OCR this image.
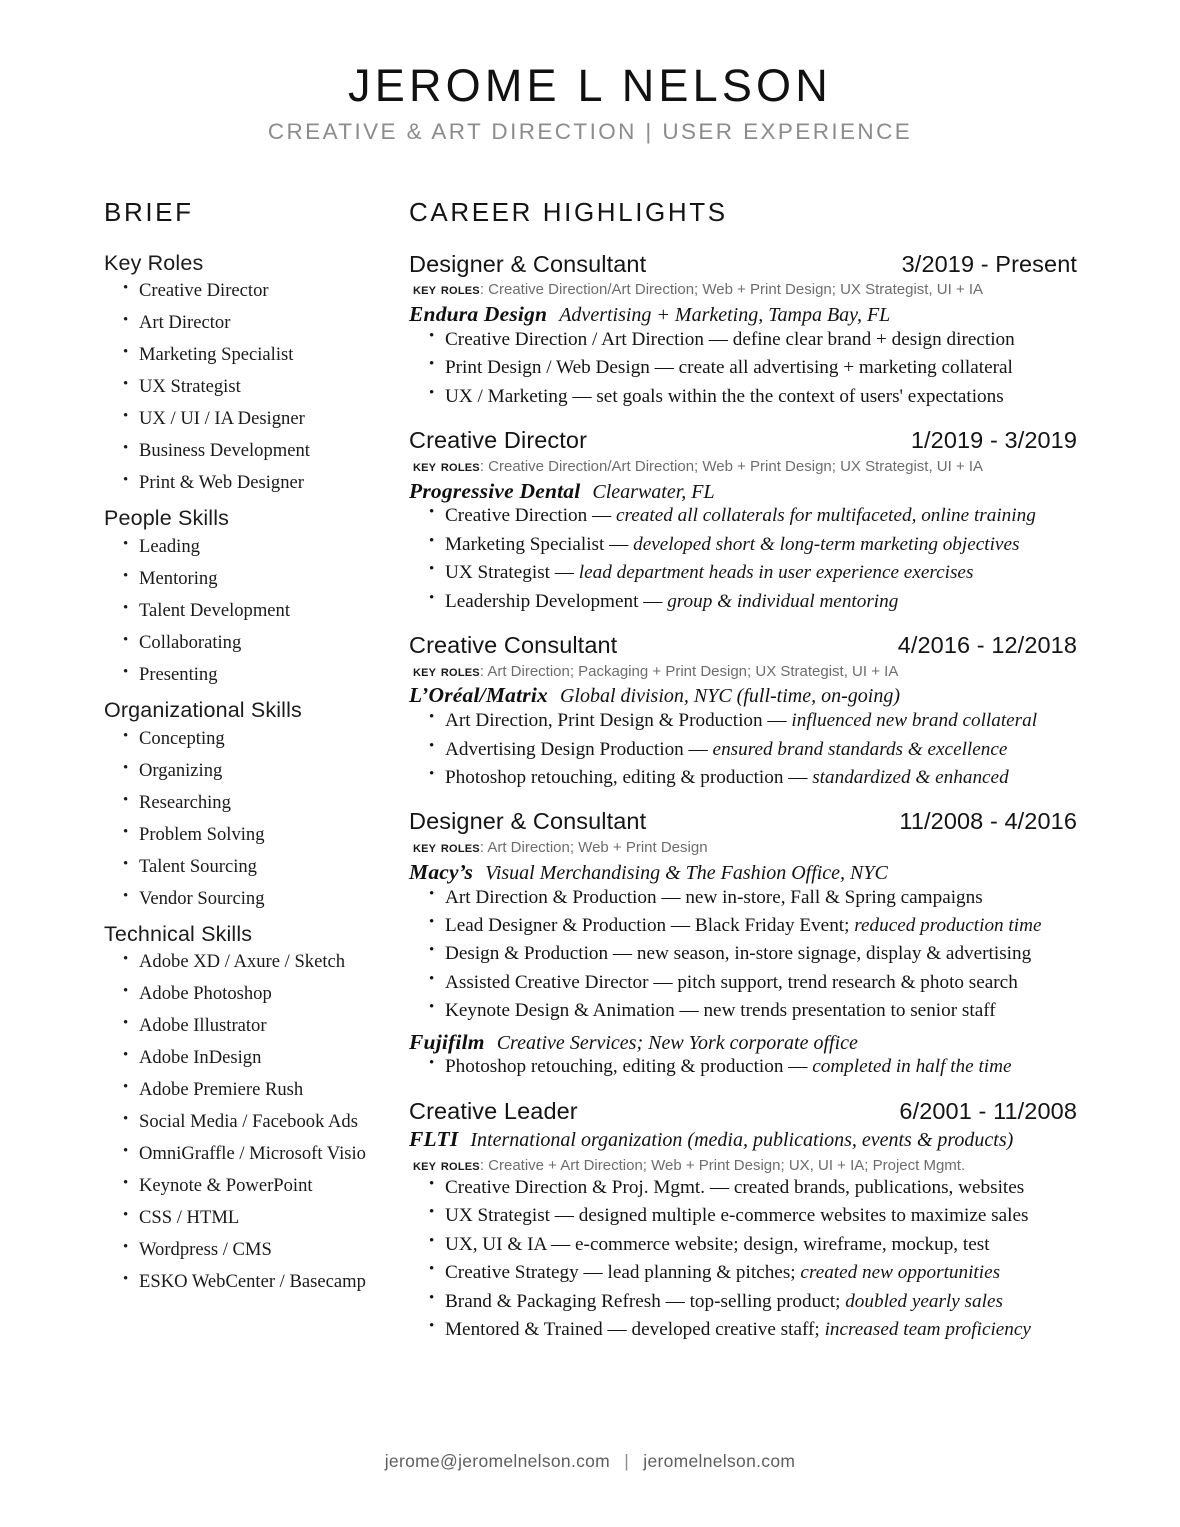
JEROME L NELSON
CREATIVE & ART DIRECTION | USER EXPERIENCE
BRIEF
Key Roles
• Creative Director
• Art Director
• Marketing Specialist
• UX Strategist
• UX / UI / IA Designer
• Business Development
• Print & Web Designer
People Skills
• Leading
• Mentoring
• Talent Development
• Collaborating
• Presenting
Organizational Skills
• Concepting
• Organizing
• Researching
• Problem Solving
• Talent Sourcing
• Vendor Sourcing
Technical Skills
• Adobe XD / Axure / Sketch
• Adobe Photoshop
• Adobe Illustrator
• Adobe InDesign
• Adobe Premiere Rush
• Social Media / Facebook Ads
• OmniGraffle / Microsoft Visio
• Keynote & PowerPoint
• CSS / HTML
• Wordpress / CMS
• ESKO WebCenter / Basecamp
CAREER HIGHLIGHTS
Designer & Consultant	3/2019 - Present
key roles: Creative Direction/Art Direction; Web + Print Design; UX Strategist, UI + IA
Endura Design Advertising + Marketing, Tampa Bay, FL
• Creative Direction / Art Direction — define clear brand + design direction
• Print Design / Web Design — create all advertising + marketing collateral
• UX / Marketing — set goals within the the context of users' expectations
Creative Director	1/2019 - 3/2019
key roles: Creative Direction/Art Direction; Web + Print Design; UX Strategist, UI + IA
Progressive Dental Clearwater, FL
• Creative Direction — created all collaterals for multifaceted, online training
• Marketing Specialist — developed short & long-term marketing objectives
• UX Strategist — lead department heads in user experience exercises
• Leadership Development — group & individual mentoring
Creative Consultant	4/2016 - 12/2018
key roles: Art Direction; Packaging + Print Design; UX Strategist, UI + IA
L’Oréal/Matrix Global division, NYC (full-time, on-going)
• Art Direction, Print Design & Production — influenced new brand collateral
• Advertising Design Production — ensured brand standards & excellence
• Photoshop retouching, editing & production — standardized & enhanced
Designer & Consultant	11/2008 - 4/2016
key roles: Art Direction; Web + Print Design
Macy’s Visual Merchandising & The Fashion Office, NYC
• Art Direction & Production — new in-store, Fall & Spring campaigns
• Lead Designer & Production — Black Friday Event; reduced production time
• Design & Production — new season, in-store signage, display & advertising
• Assisted Creative Director — pitch support, trend research & photo search
• Keynote Design & Animation — new trends presentation to senior staff
Fujifilm Creative Services; New York corporate office
• Photoshop retouching, editing & production — completed in half the time
Creative Leader	6/2001 - 11/2008
FLTI International organization (media, publications, events & products)
key roles: Creative + Art Direction; Web + Print Design; UX, UI + IA; Project Mgmt.
• Creative Direction & Proj. Mgmt. — created brands, publications, websites
• UX Strategist — designed multiple e-commerce websites to maximize sales
• UX, UI & IA — e-commerce website; design, wireframe, mockup, test
• Creative Strategy — lead planning & pitches; created new opportunities
• Brand & Packaging Refresh — top-selling product; doubled yearly sales
• Mentored & Trained — developed creative staff; increased team proficiency
jerome@jeromelnelson.com | jeromelnelson.com
